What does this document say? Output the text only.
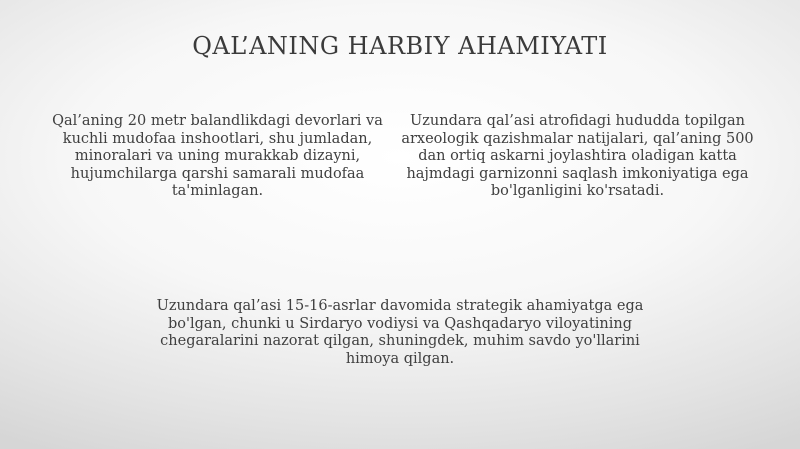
QAL’ANING HARBIY AHAMIYATI

Qal’aning 20 metr balandlikdagi devorlari va kuchli mudofaa inshootlari, shu jumladan, minoralari va uning murakkab dizayni, hujumchilarga qarshi samarali mudofaa ta'minlagan.

Uzundara qal’asi atrofidagi hududda topilgan arxeologik qazishmalar natijalari, qal’aning 500 dan ortiq askarni joylashtira oladigan katta hajmdagi garnizonni saqlash imkoniyatiga ega bo'lganligini ko'rsatadi.

Uzundara qal’asi 15-16-asrlar davomida strategik ahamiyatga ega bo'lgan, chunki u Sirdaryo vodiysi va Qashqadaryo viloyatining chegaralarini nazorat qilgan, shuningdek, muhim savdo yo'llarini himoya qilgan.
